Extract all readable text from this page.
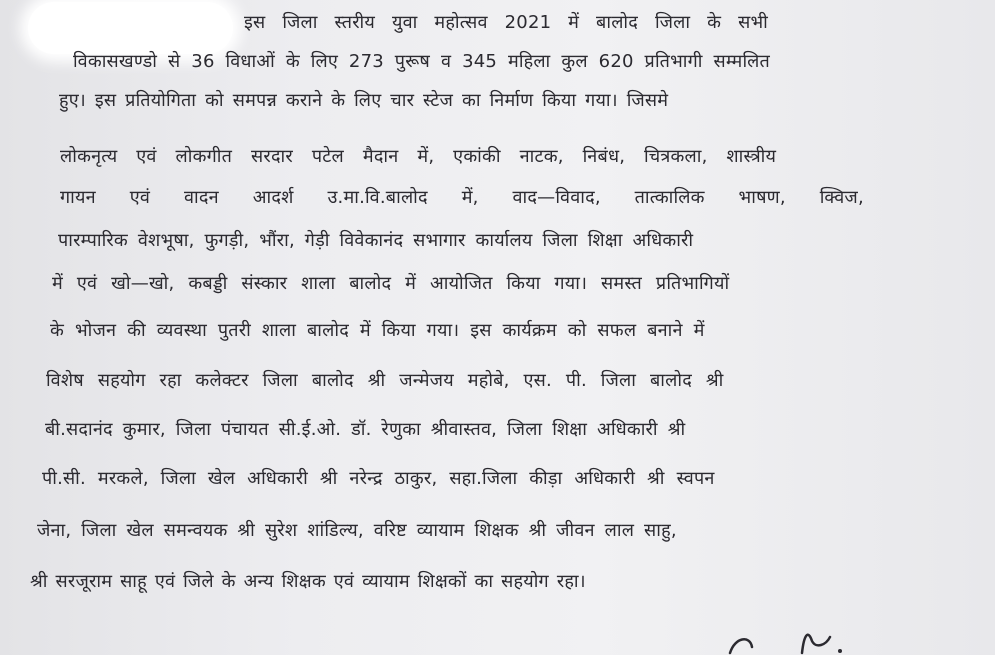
इस जिला स्तरीय युवा महोत्सव 2021 में बालोद जिला के सभी
विकासखण्डो से 36 विधाओं के लिए 273 पुरूष व 345 महिला कुल 620 प्रतिभागी सम्मलित
हुए। इस प्रतियोगिता को समपन्न कराने के लिए चार स्टेज का निर्माण किया गया। जिसमे
लोकनृत्य एवं लोकगीत सरदार पटेल मैदान में, एकांकी नाटक, निबंध, चित्रकला, शास्त्रीय
गायन एवं वादन आदर्श उ.मा.वि.बालोद में, वाद—विवाद, तात्कालिक भाषण, क्विज,
पारम्पारिक वेशभूषा, फुगड़ी, भौंरा, गेड़ी विवेकानंद सभागार कार्यालय जिला शिक्षा अधिकारी
में एवं खो—खो, कबड्डी संस्कार शाला बालोद में आयोजित किया गया। समस्त प्रतिभागियों
के भोजन की व्यवस्था पुतरी शाला बालोद में किया गया। इस कार्यक्रम को सफल बनाने में
विशेष सहयोग रहा कलेक्टर जिला बालोद श्री जन्मेजय महोबे, एस. पी. जिला बालोद श्री
बी.सदानंद कुमार, जिला पंचायत सी.ई.ओ. डॉ. रेणुका श्रीवास्तव, जिला शिक्षा अधिकारी श्री
पी.सी. मरकले, जिला खेल अधिकारी श्री नरेन्द्र ठाकुर, सहा.जिला कीड़ा अधिकारी श्री स्वपन
जेना, जिला खेल समन्वयक श्री सुरेश शांडिल्य, वरिष्ट व्यायाम शिक्षक श्री जीवन लाल साहु,
श्री सरजूराम साहू एवं जिले के अन्य शिक्षक एवं व्यायाम शिक्षकों का सहयोग रहा।
